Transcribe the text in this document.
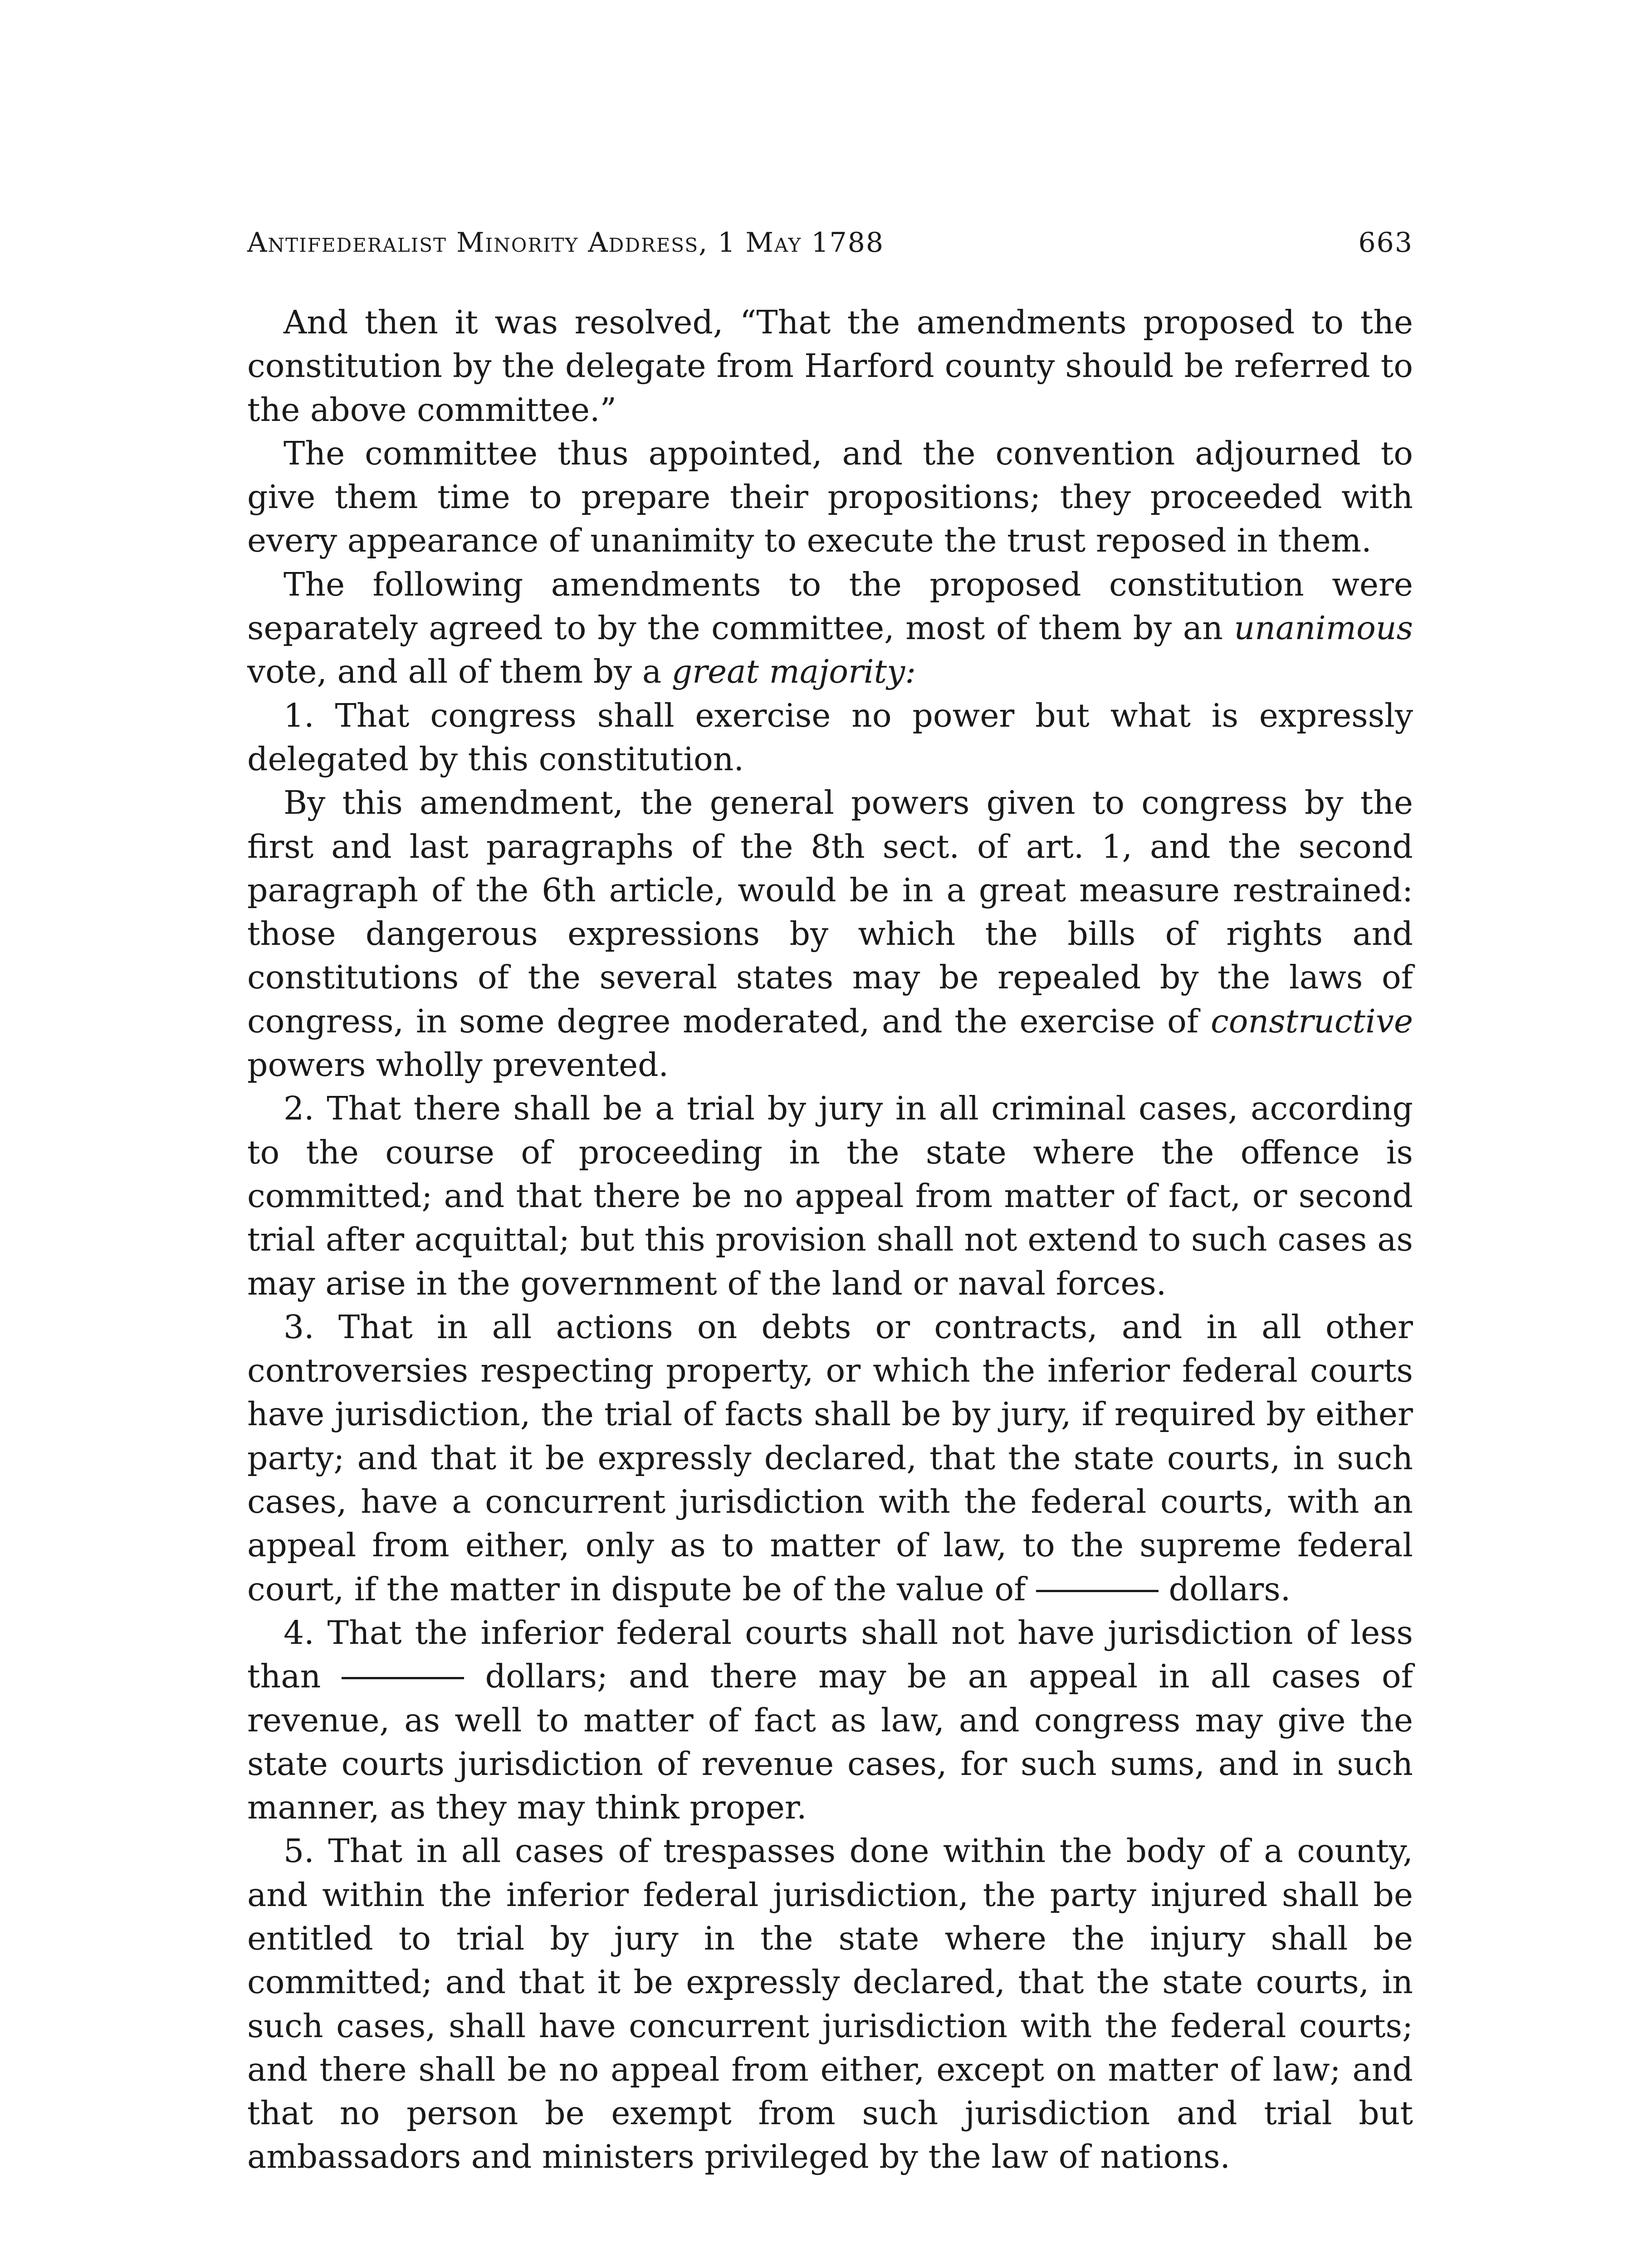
Antifederalist Minority Address, 1 May 1788	663

And then it was resolved, “That the amendments proposed to the constitution by the delegate from Harford county should be referred to the above committee.”

The committee thus appointed, and the convention adjourned to give them time to prepare their propositions; they proceeded with every appearance of unanimity to execute the trust reposed in them.

The following amendments to the proposed constitution were separately agreed to by the committee, most of them by an unanimous vote, and all of them by a great majority:

1. That congress shall exercise no power but what is expressly delegated by this constitution.

By this amendment, the general powers given to congress by the first and last paragraphs of the 8th sect. of art. 1, and the second paragraph of the 6th article, would be in a great measure restrained: those dangerous expressions by which the bills of rights and constitutions of the several states may be repealed by the laws of congress, in some degree moderated, and the exercise of constructive powers wholly prevented.

2. That there shall be a trial by jury in all criminal cases, according to the course of proceeding in the state where the offence is committed; and that there be no appeal from matter of fact, or second trial after acquittal; but this provision shall not extend to such cases as may arise in the government of the land or naval forces.

3. That in all actions on debts or contracts, and in all other controversies respecting property, or which the inferior federal courts have jurisdiction, the trial of facts shall be by jury, if required by either party; and that it be expressly declared, that the state courts, in such cases, have a concurrent jurisdiction with the federal courts, with an appeal from either, only as to matter of law, to the supreme federal court, if the matter in dispute be of the value of	dollars.

4. That the inferior federal courts shall not have jurisdiction of less than	dollars; and there may be an appeal in all cases of revenue, as well to matter of fact as law, and congress may give the state courts jurisdiction of revenue cases, for such sums, and in such manner, as they may think proper.

5. That in all cases of trespasses done within the body of a county, and within the inferior federal jurisdiction, the party injured shall be entitled to trial by jury in the state where the injury shall be committed; and that it be expressly declared, that the state courts, in such cases, shall have concurrent jurisdiction with the federal courts; and there shall be no appeal from either, except on matter of law; and that no person be exempt from such jurisdiction and trial but ambassadors and ministers privileged by the law of nations.
